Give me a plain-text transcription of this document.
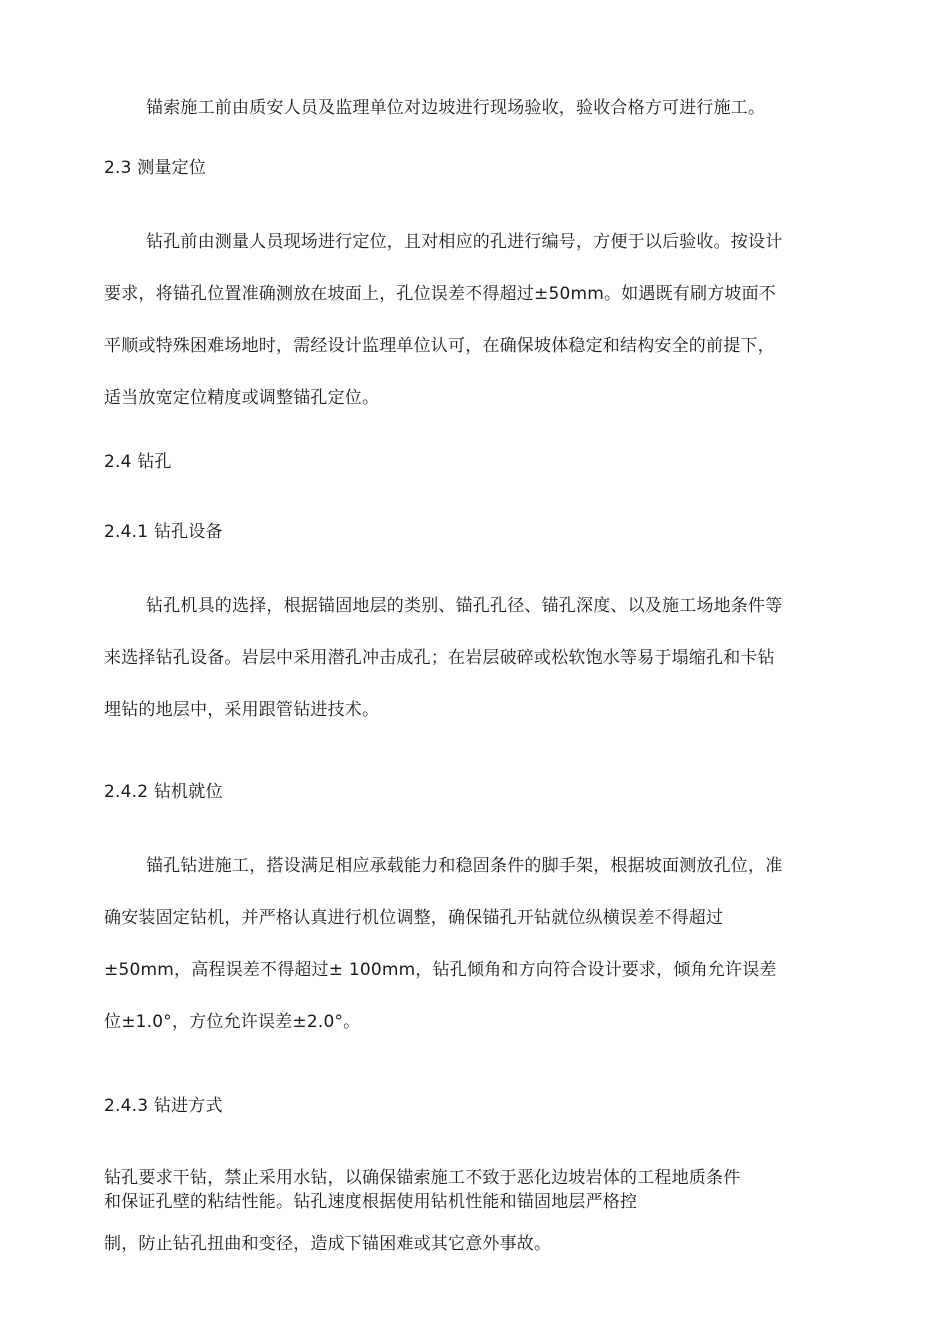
锚索施工前由质安人员及监理单位对边坡进行现场验收，验收合格方可进行施工。
2.3 测量定位
钻孔前由测量人员现场进行定位，且对相应的孔进行编号，方便于以后验收。按设计
要求，将锚孔位置准确测放在坡面上，孔位误差不得超过±50mm。如遇既有刷方坡面不
平顺或特殊困难场地时，需经设计监理单位认可，在确保坡体稳定和结构安全的前提下，
适当放宽定位精度或调整锚孔定位。
2.4 钻孔
2.4.1 钻孔设备
钻孔机具的选择，根据锚固地层的类别、锚孔孔径、锚孔深度、以及施工场地条件等
来选择钻孔设备。岩层中采用潜孔冲击成孔；在岩层破碎或松软饱水等易于塌缩孔和卡钻
埋钻的地层中，采用跟管钻进技术。
2.4.2 钻机就位
锚孔钻进施工，搭设满足相应承载能力和稳固条件的脚手架，根据坡面测放孔位，准
确安装固定钻机，并严格认真进行机位调整，确保锚孔开钻就位纵横误差不得超过
±50mm，高程误差不得超过± 100mm，钻孔倾角和方向符合设计要求，倾角允许误差
位±1.0°，方位允许误差±2.0°。
2.4.3 钻进方式
钻孔要求干钻，禁止采用水钻，以确保锚索施工不致于恶化边坡岩体的工程地质条件
和保证孔壁的粘结性能。钻孔速度根据使用钻机性能和锚固地层严格控
制，防止钻孔扭曲和变径，造成下锚困难或其它意外事故。
